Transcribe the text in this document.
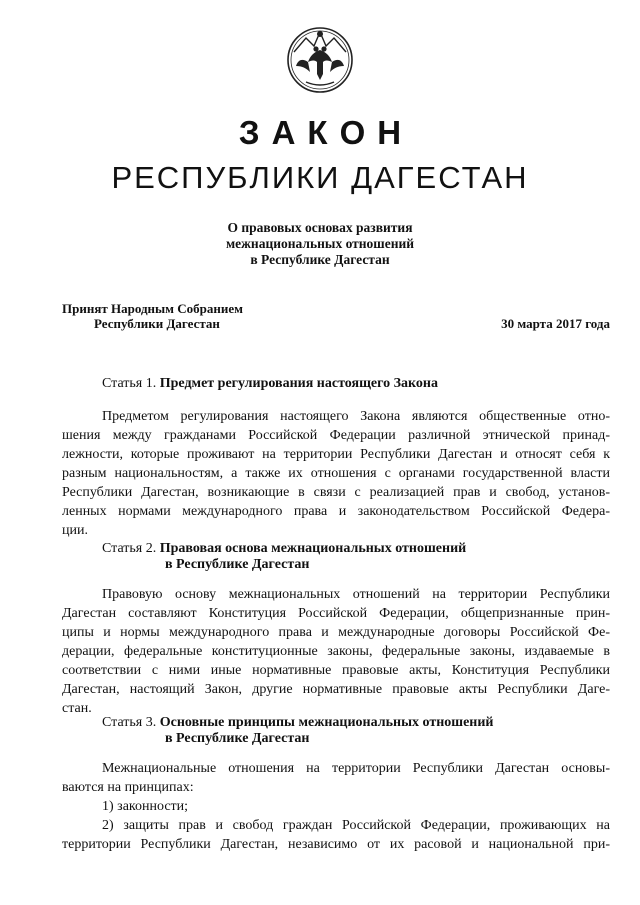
ЗАКОН
РЕСПУБЛИКИ ДАГЕСТАН
О правовых основах развития
межнациональных отношений
в Республике Дагестан
Принят Народным Собранием
Республики Дагестан	30 марта 2017 года
Статья 1. Предмет регулирования настоящего Закона
Предметом регулирования настоящего Закона являются общественные отно-
шения между гражданами Российской Федерации различной этнической принад-
лежности, которые проживают на территории Республики Дагестан и относят себя к
разным национальностям, а также их отношения с органами государственной власти
Республики Дагестан, возникающие в связи с реализацией прав и свобод, установ-
ленных нормами международного права и законодательством Российской Федера-
ции.
Статья 2. Правовая основа межнациональных отношений
в Республике Дагестан
Правовую основу межнациональных отношений на территории Республики
Дагестан составляют Конституция Российской Федерации, общепризнанные прин-
ципы и нормы международного права и международные договоры Российской Фе-
дерации, федеральные конституционные законы, федеральные законы, издаваемые в
соответствии с ними иные нормативные правовые акты, Конституция Республики
Дагестан, настоящий Закон, другие нормативные правовые акты Республики Даге-
стан.
Статья 3. Основные принципы межнациональных отношений
в Республике Дагестан
Межнациональные отношения на территории Республики Дагестан основы-
ваются на принципах:
1) законности;
2) защиты прав и свобод граждан Российской Федерации, проживающих на
территории Республики Дагестан, независимо от их расовой и национальной при-
